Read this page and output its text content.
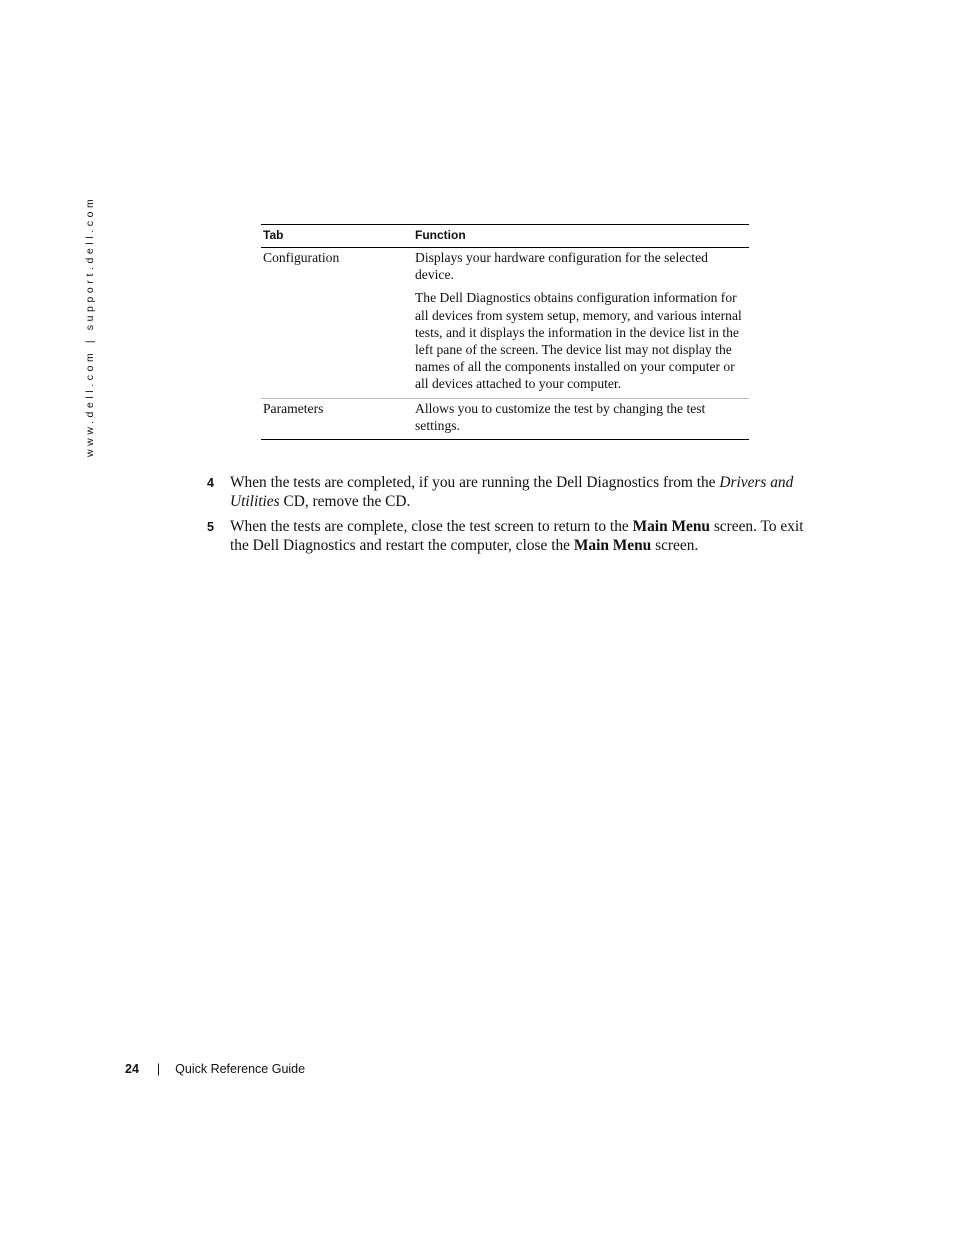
www.dell.com | support.dell.com	Tab	Function
Configuration	Displays your hardware configuration for the selected device.

The Dell Diagnostics obtains configuration information for all devices from system setup, memory, and various internal tests, and it displays the information in the device list in the left pane of the screen. The device list may not display the names of all the components installed on your computer or all devices attached to your computer.

Parameters	Allows you to customize the test by changing the test settings.

4 When the tests are completed, if you are running the Dell Diagnostics from the Drivers and Utilities CD, remove the CD.
5 When the tests are complete, close the test screen to return to the Main Menu screen. To exit the Dell Diagnostics and restart the computer, close the Main Menu screen.
24 | Quick Reference Guide
